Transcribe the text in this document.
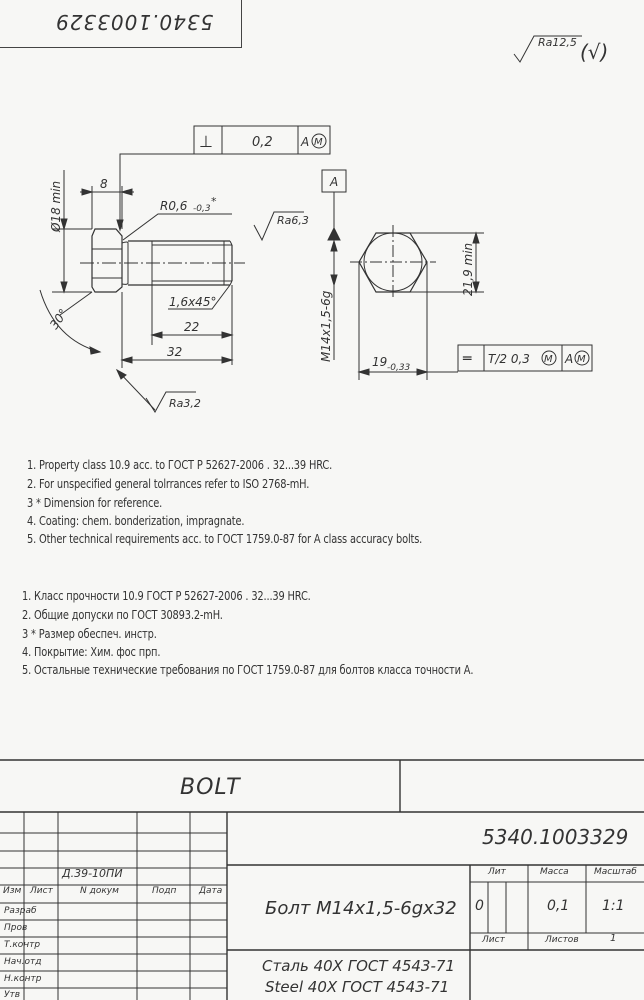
5340.1003329
Ra12,5 (√)
⊥	0,2 A M
A
Ø18 min	8
R0,6 -0,3
*
Ra6,3
1,6x45°
22
32
30°
Ra3,2
M14x1,5-6g
21,9 min
19 -0,33
═ T/2 0,3 M A M
1. Property class 10.9 acc. to ГОСТ Р 52627-2006 . 32...39 HRC.
2. For unspecified general tolrrances refer to ISO 2768-mH.
3 * Dimension for reference.
4. Coating: chem. bonderization, impragnate.
5. Other technical requirements acc. to ГОСТ 1759.0-87 for A class accuracy bolts.
1. Класс прочности 10.9 ГОСТ Р 52627-2006 . 32...39 HRC.
2. Общие допуски по ГОСТ 30893.2-mH.
3 * Размер обеспеч. инстр.
4. Покрытие: Хим. фос прп.
5. Остальные технические требования по ГОСТ 1759.0-87 для болтов класса точности А.
BOLT
5340.1003329
Д.39-10ПИ
Изм Лист	N докум	Подп	Дата
Разраб
Пров
Т.контр
Нач.отд
Н.контр
Утв
Болт М14х1,5-6gх32
Лит	Масса	Масштаб
0	0,1 1:1
Лист	Листов	1
Сталь 40Х ГОСТ 4543-71
Steel 40Х ГОСТ 4543-71
